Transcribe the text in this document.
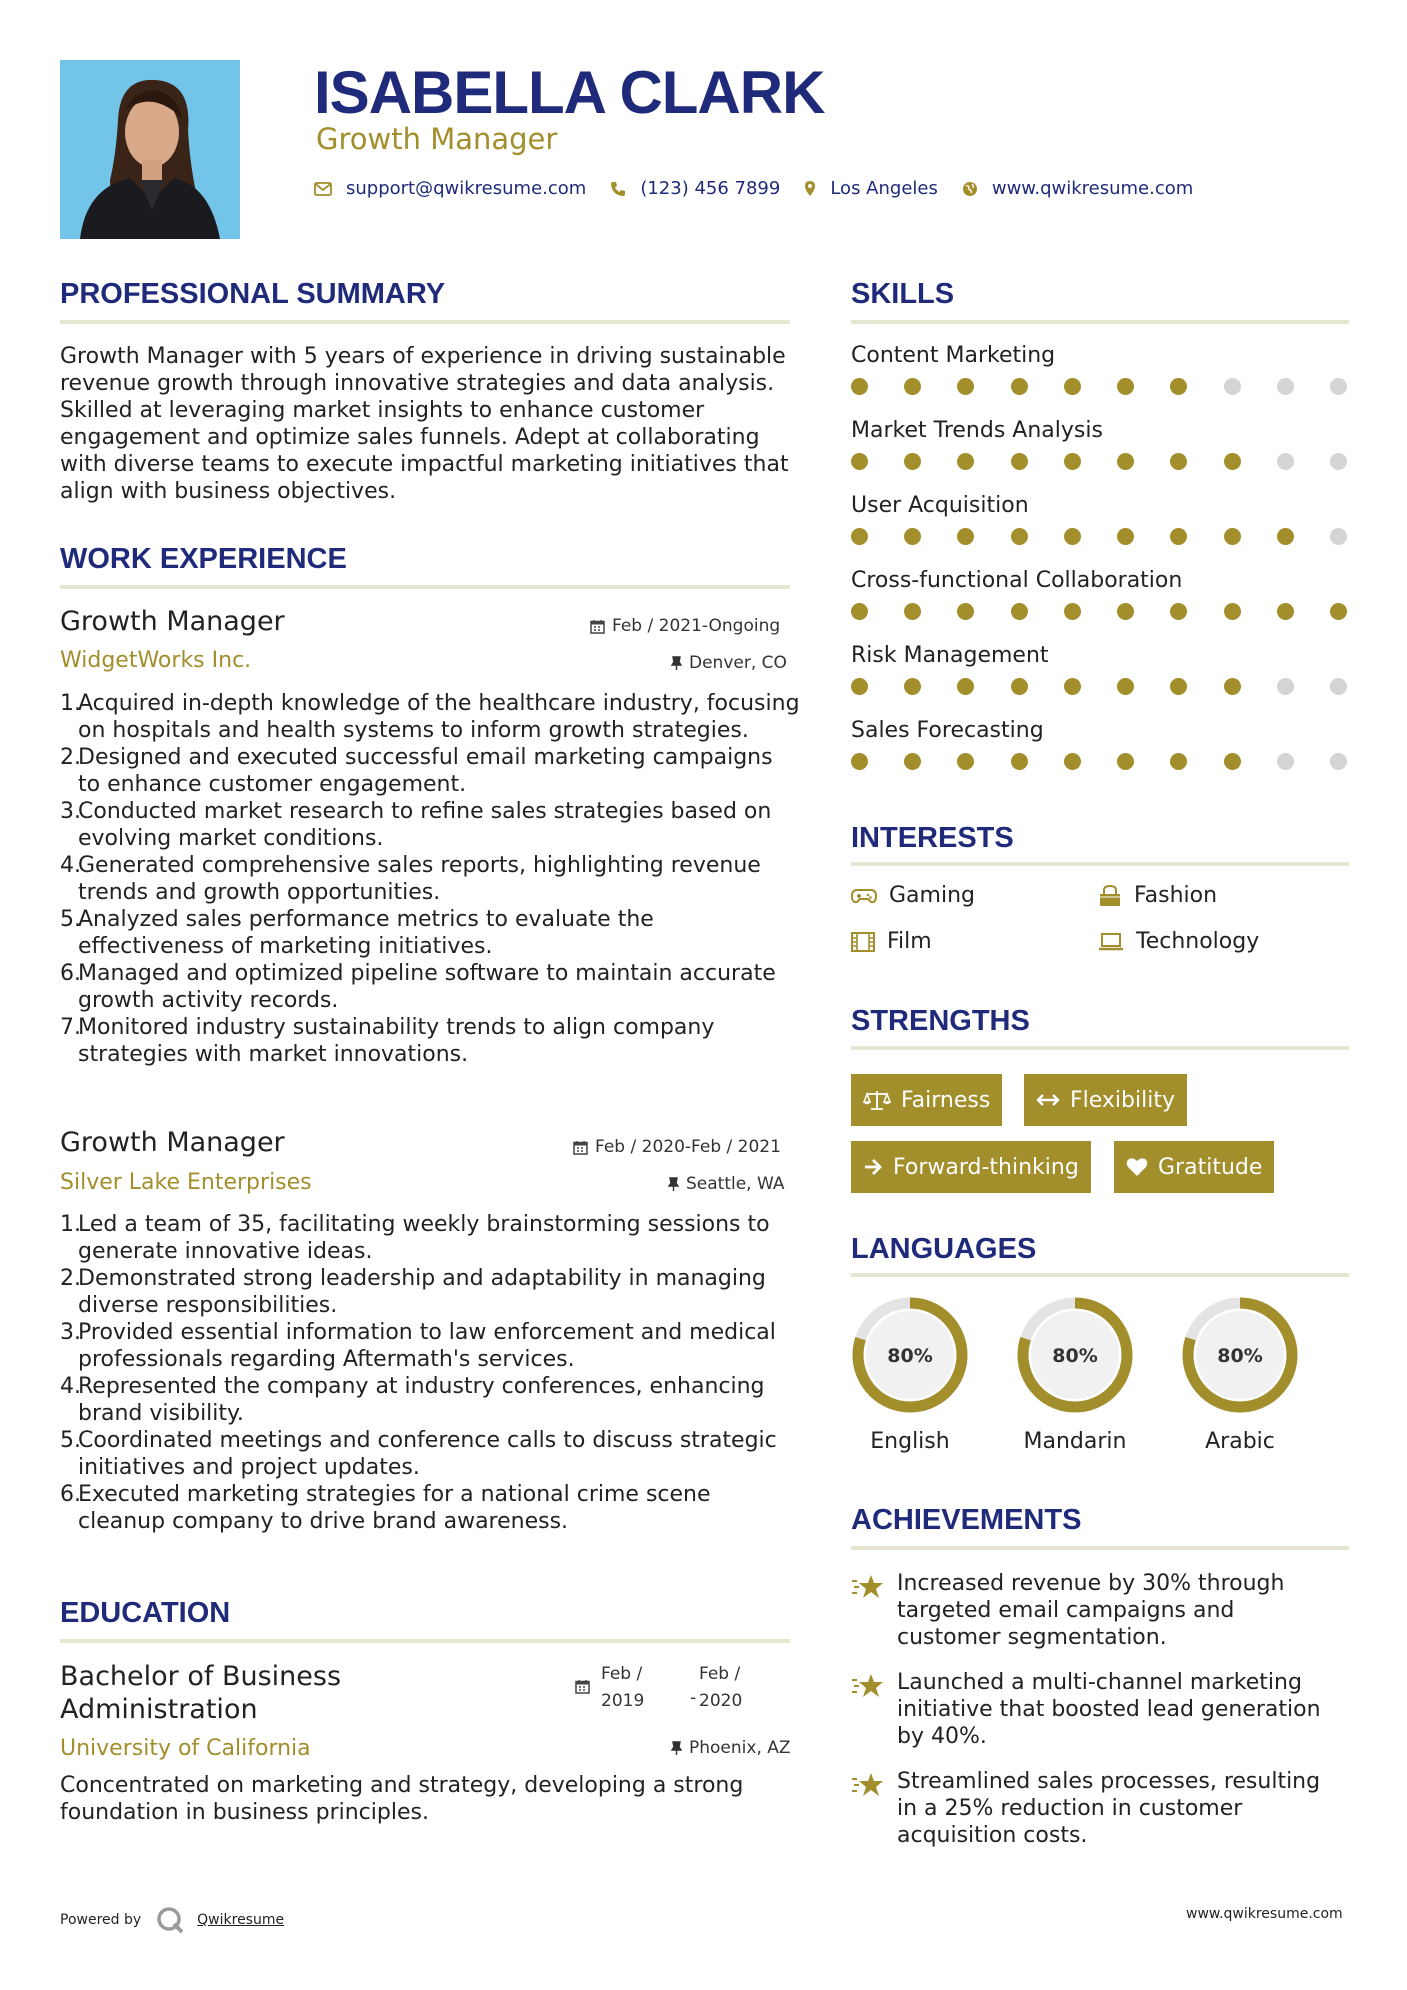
ISABELLA CLARK
Growth Manager
support@qwikresume.com	(123) 456 7899	Los Angeles	www.qwikresume.com
PROFESSIONAL SUMMARY
Growth Manager with 5 years of experience in driving sustainable revenue growth through innovative strategies and data analysis. Skilled at leveraging market insights to enhance customer engagement and optimize sales funnels. Adept at collaborating with diverse teams to execute impactful marketing initiatives that align with business objectives.
WORK EXPERIENCE
Growth Manager	Feb / 2021-Ongoing
WidgetWorks Inc.	Denver, CO
1.
Acquired in-depth knowledge of the healthcare industry, focusing on hospitals and health systems to inform growth strategies.
2.
Designed and executed successful email marketing campaigns to enhance customer engagement.
3.
Conducted market research to refine sales strategies based on evolving market conditions.
4.
Generated comprehensive sales reports, highlighting revenue trends and growth opportunities.
5.
Analyzed sales performance metrics to evaluate the effectiveness of marketing initiatives.
6.
Managed and optimized pipeline software to maintain accurate growth activity records.
7.
Monitored industry sustainability trends to align company strategies with market innovations.
Growth Manager	Feb / 2020-Feb / 2021
Silver Lake Enterprises	Seattle, WA
1.
Led a team of 35, facilitating weekly brainstorming sessions to generate innovative ideas.
2.
Demonstrated strong leadership and adaptability in managing diverse responsibilities.
3.
Provided essential information to law enforcement and medical professionals regarding Aftermath's services.
4.
Represented the company at industry conferences, enhancing brand visibility.
5.
Coordinated meetings and conference calls to discuss strategic initiatives and project updates.
6.
Executed marketing strategies for a national crime scene cleanup company to drive brand awareness.
EDUCATION
Bachelor of Business
Administration
Feb /
2019	-
Feb /
2020
University of California	Phoenix, AZ
Concentrated on marketing and strategy, developing a strong foundation in business principles.
SKILLS
Content Marketing
Market Trends Analysis
User Acquisition
Cross-functional Collaboration
Risk Management
Sales Forecasting
INTERESTS
Gaming	Fashion
Film	Technology
STRENGTHS
Fairness	Flexibility
Forward-thinking	Gratitude
LANGUAGES
80%
English
80%
Mandarin
80%
Arabic
ACHIEVEMENTS
Increased revenue by 30% through targeted email campaigns and customer segmentation.
Launched a multi-channel marketing initiative that boosted lead generation by 40%.
Streamlined sales processes, resulting in a 25% reduction in customer acquisition costs.
Powered by	Qwikresume	www.qwikresume.com
